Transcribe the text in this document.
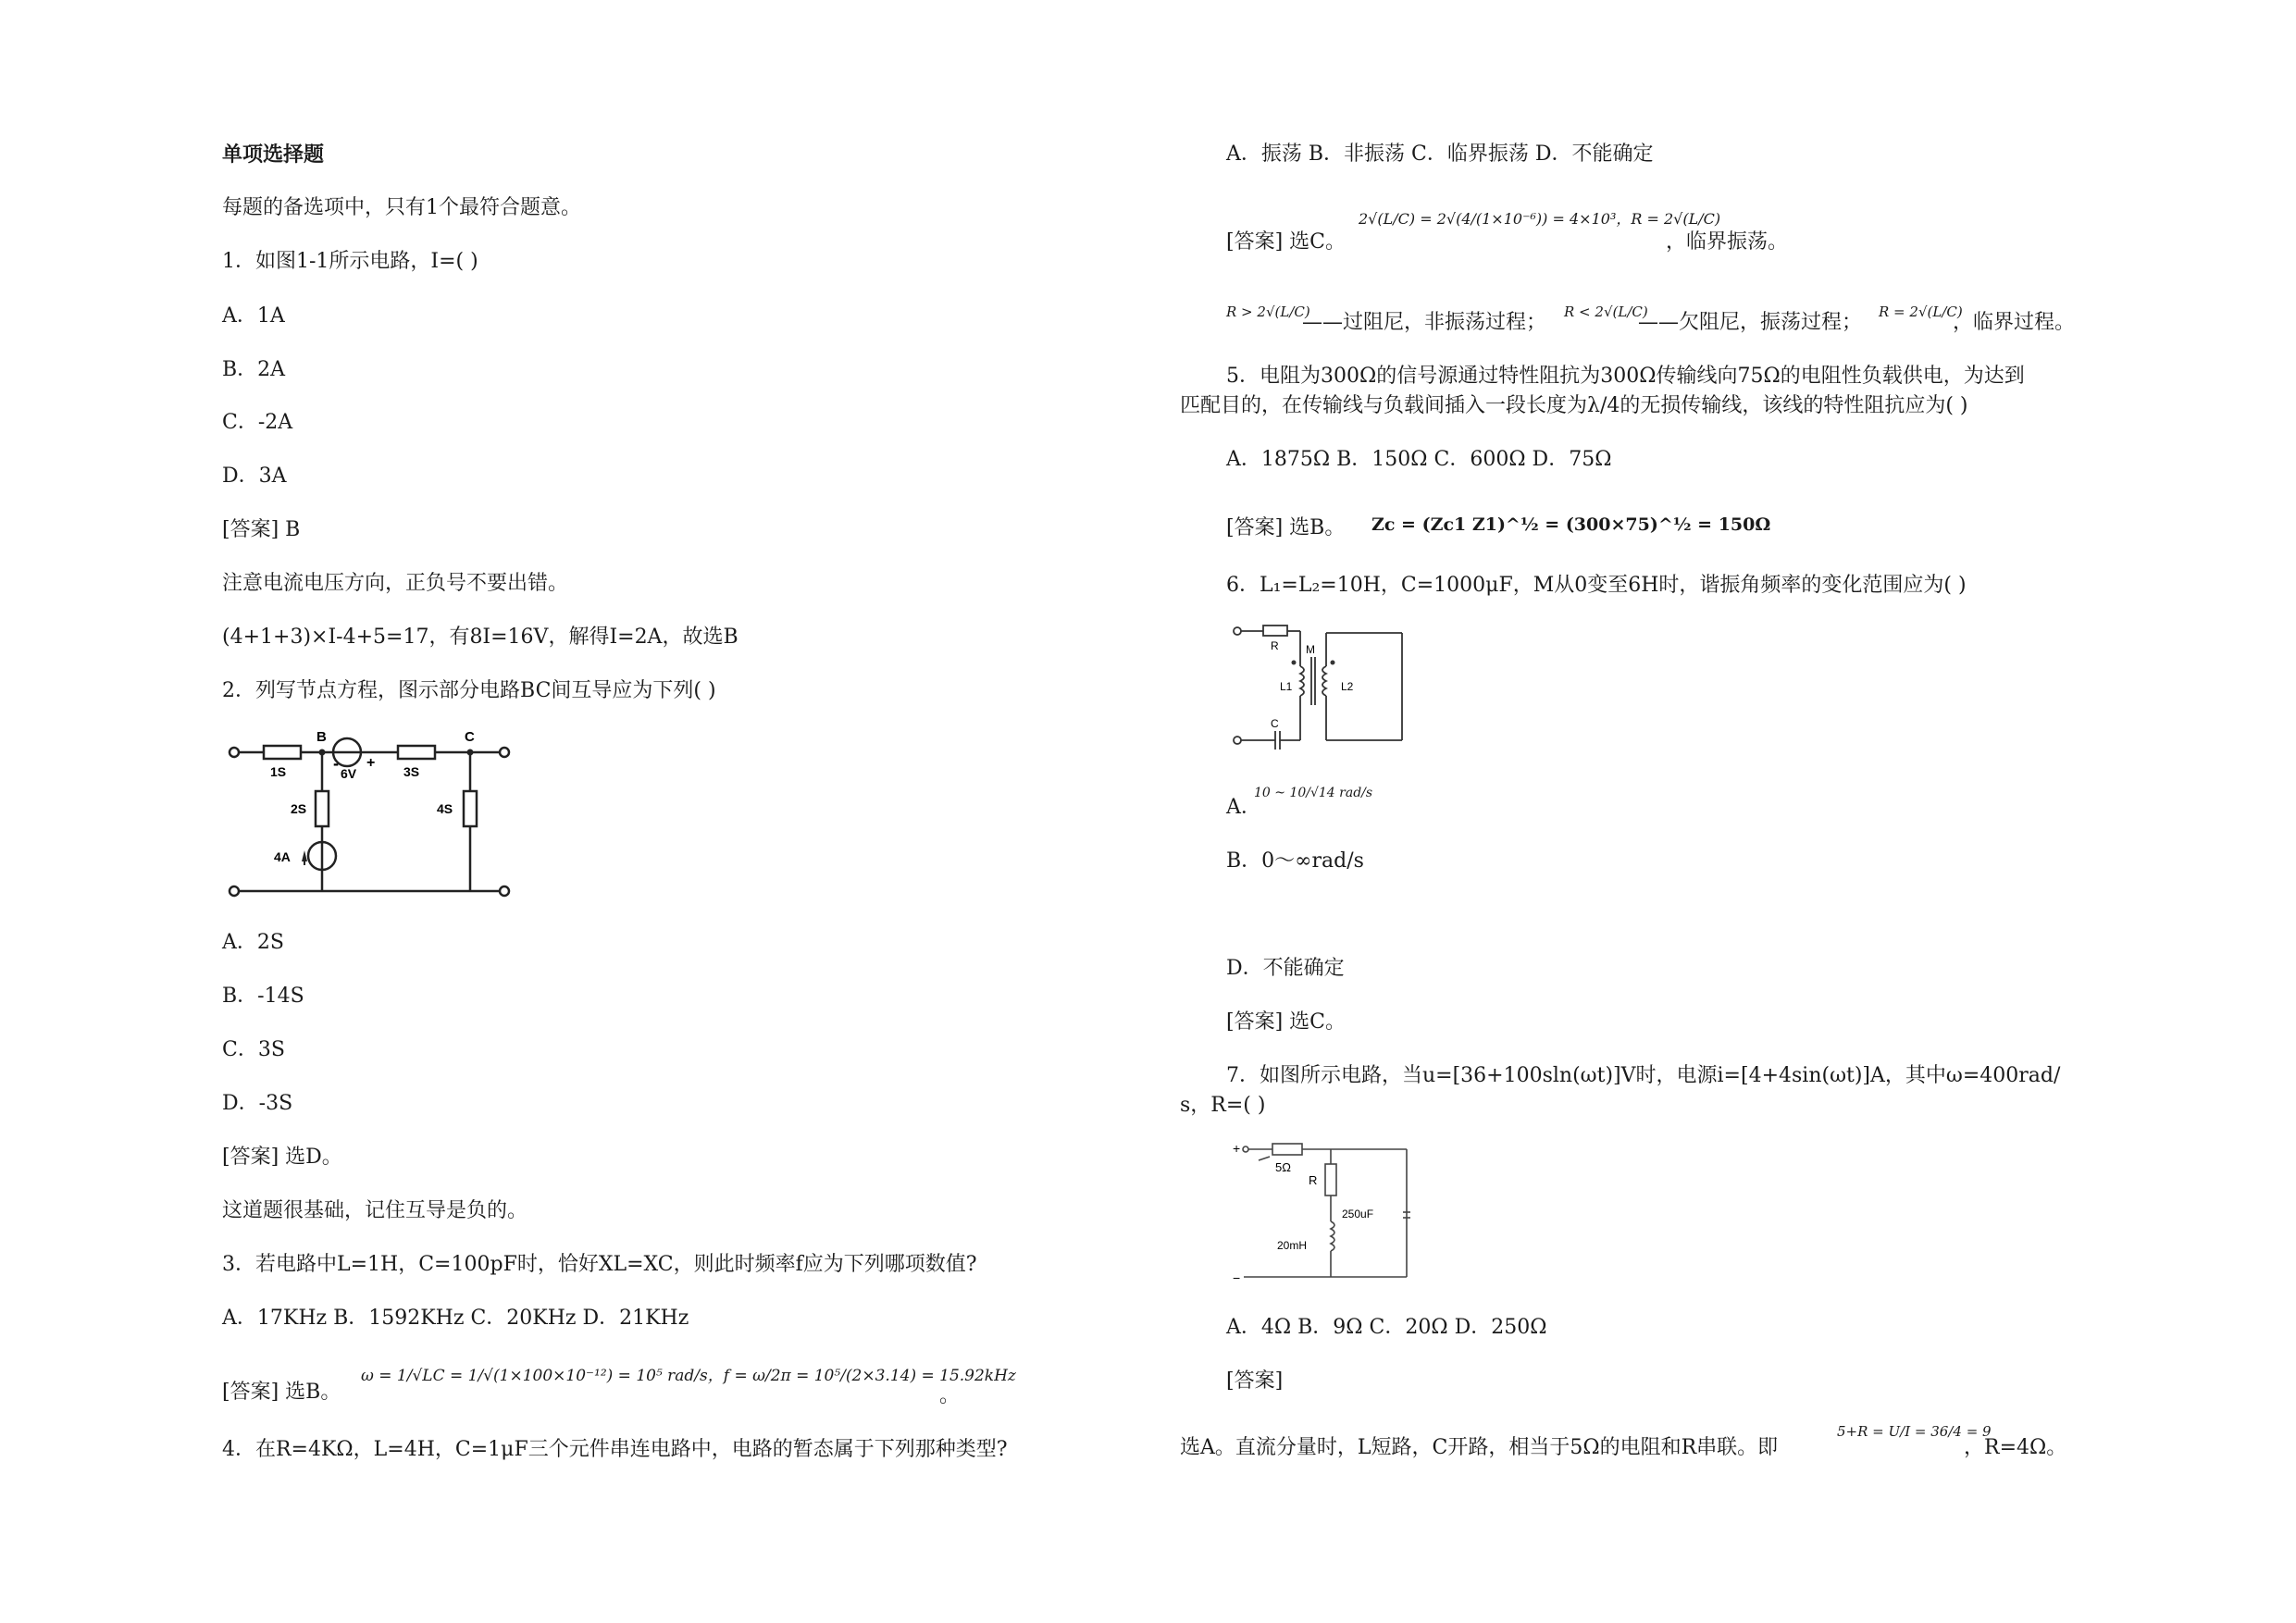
单项选择题
每题的备选项中，只有1个最符合题意。
1．如图1-1所示电路，I=( )
A．1A
B．2A
C．-2A
D．3A
[答案] B
注意电流电压方向，正负号不要出错。
(4+1+3)×I-4+5=17，有8I=16V，解得I=2A，故选B
2．列写节点方程，图示部分电路BC间互导应为下列( )
B	C
1S	-
6V
+
3S
2S	4S
4A
A．2S
B．-14S
C．3S
D．-3S
[答案] 选D。
这道题很基础，记住互导是负的。
3．若电路中L=1H，C=100pF时，恰好XL=XC，则此时频率f应为下列哪项数值?
A．17KHz B．1592KHz C．20KHz D．21KHz
[答案] 选B。
ω = 1/√LC = 1/√(1×100×10⁻¹²) = 10⁵ rad/s，f = ω/2π = 10⁵/(2×3.14) = 15.92kHz
。
4．在R=4KΩ，L=4H，C=1μF三个元件串连电路中，电路的暂态属于下列那种类型?
A．振荡 B．非振荡 C．临界振荡 D．不能确定
[答案] 选C。
2√(L/C) = 2√(4/(1×10⁻⁶)) = 4×10³，R = 2√(L/C)
，临界振荡。
R > 2√(L/C)
——过阻尼，非振荡过程； R < 2√(L/C)
——欠阻尼，振荡过程； R = 2√(L/C)
，临界过程。
5．电阻为300Ω的信号源通过特性阻抗为300Ω传输线向75Ω的电阻性负载供电，为达到
匹配目的，在传输线与负载间插入一段长度为λ/4的无损传输线，该线的特性阻抗应为( )
A．1875Ω B．150Ω C．600Ω D．75Ω
[答案] 选B。 Zc = (Zc1 Z1)^½ = (300×75)^½ = 150Ω
6．L₁=L₂=10H，C=1000μF，M从0变至6H时，谐振角频率的变化范围应为( )
R M
L1	L2
C
A．
10 ~ 10/√14 rad/s
B．0～∞rad/s
D．不能确定
[答案] 选C。
7．如图所示电路，当u=[36+100sln(ωt)]V时，电源i=[4+4sin(ωt)]A，其中ω=400rad/
s，R=( )
+
−
5Ω
R
250uF
20mH
A．4Ω B．9Ω C．20Ω D．250Ω
[答案]
选A。直流分量时，L短路，C开路，相当于5Ω的电阻和R串联。即
5+R = U/I = 36/4 = 9
，R=4Ω。
